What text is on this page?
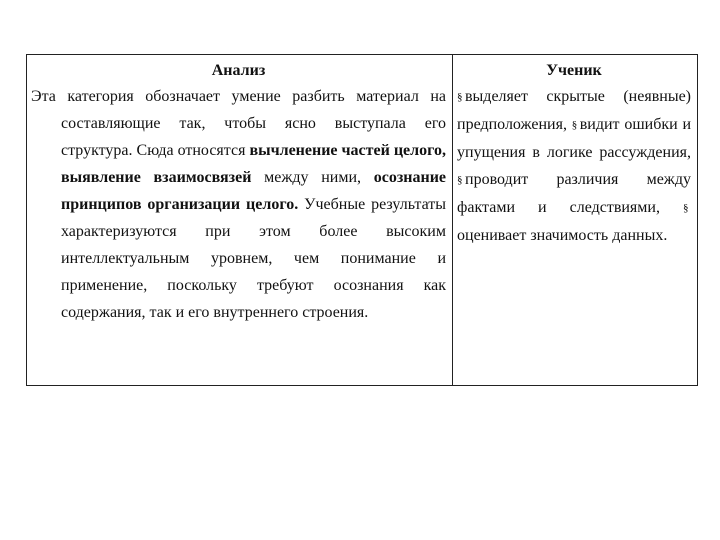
Анализ

Эта категория обозначает умение разбить материал на составляющие так, чтобы ясно выступала его структура. Сюда относятся вычленение частей целого, выявление взаимосвязей между ними, осознание принципов организации целого. Учебные результаты характеризуются при этом более высоким интеллектуальным уровнем, чем понимание и применение, поскольку требуют осознания как содержания, так и его внутреннего строения.

Ученик

§ выделяет скрытые (неявные) предположения, § видит ошибки и упущения в логике рассуждения, § проводит различия между фактами и следствиями, §оценивает значимость данных.
